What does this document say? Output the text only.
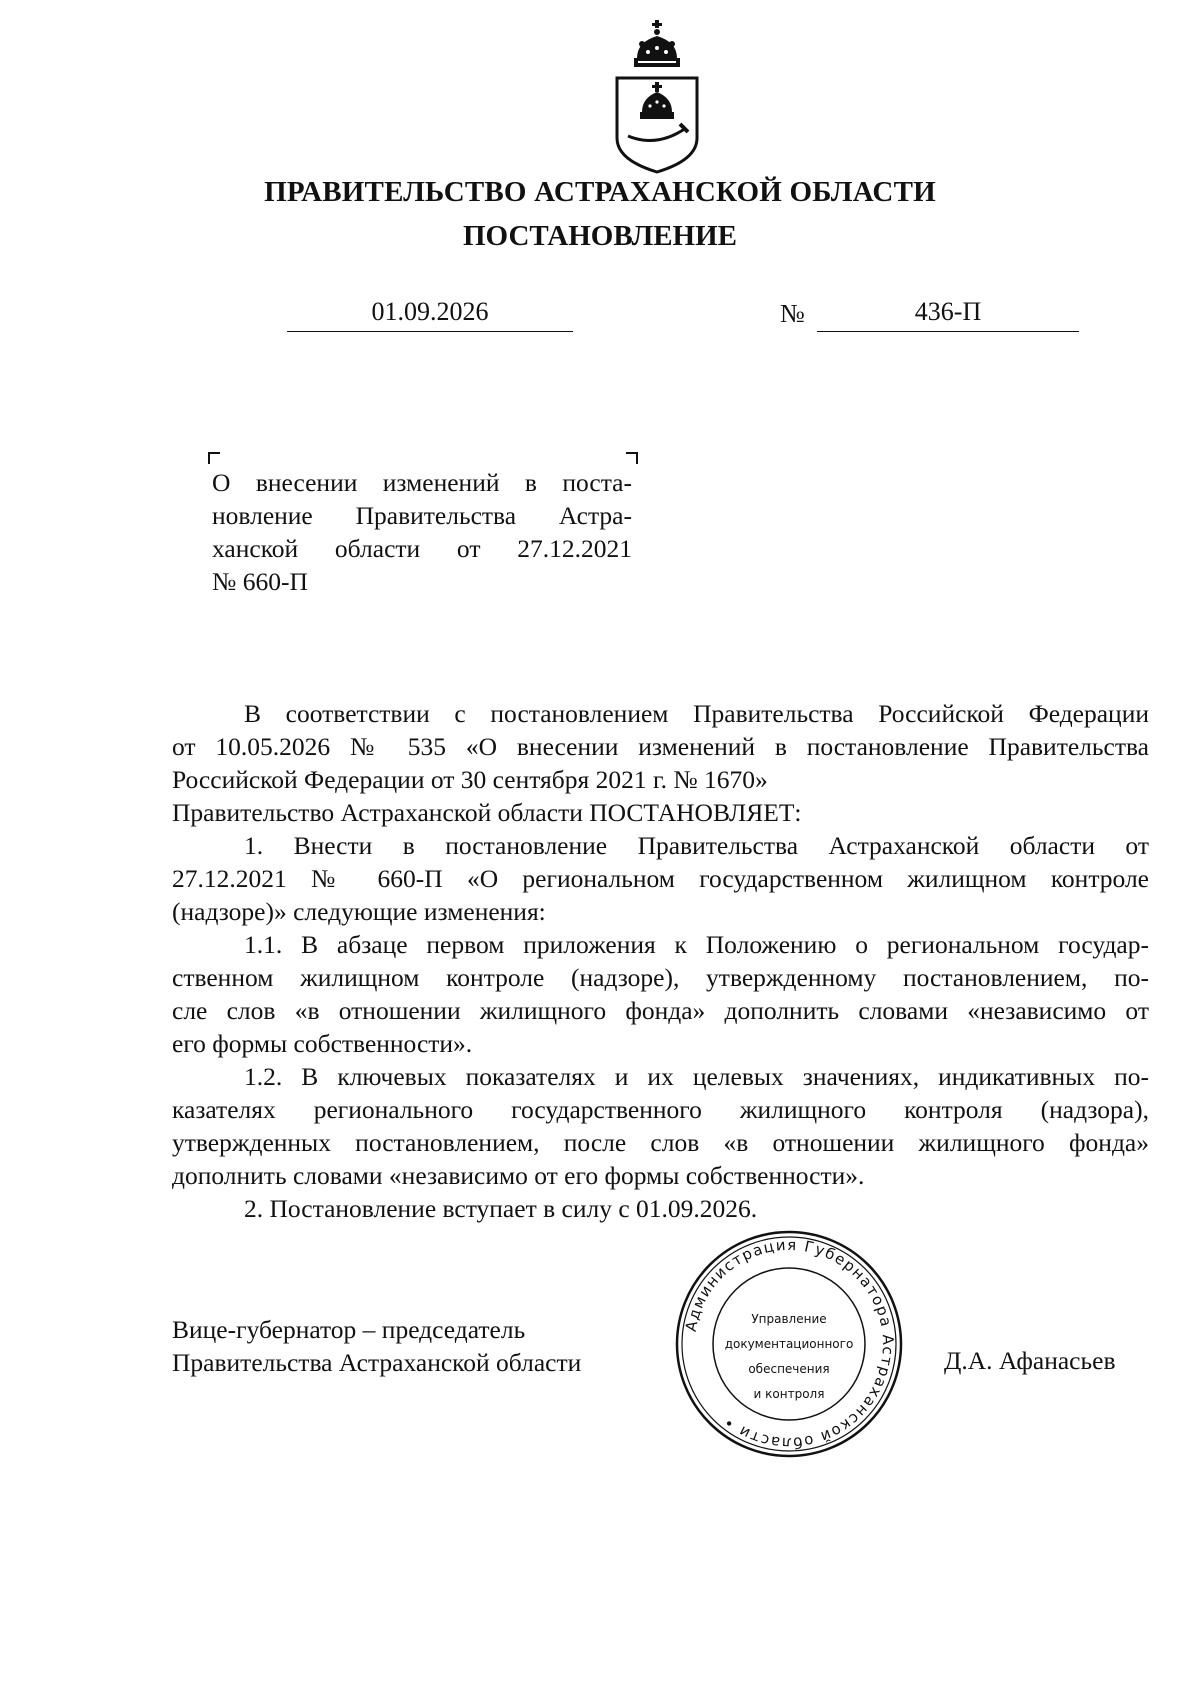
ПРАВИТЕЛЬСТВО АСТРАХАНСКОЙ ОБЛАСТИ
ПОСТАНОВЛЕНИЕ
01.09.2026	№	436-П
О внесении изменений в поста-
новление Правительства Астра-
ханской области от 27.12.2021
№ 660-П
В соответствии с постановлением Правительства Российской Федерации
от 10.05.2026 № 535 «О внесении изменений в постановление Правительства
Российской Федерации от 30 сентября 2021 г. № 1670»
Правительство Астраханской области ПОСТАНОВЛЯЕТ:
1. Внести в постановление Правительства Астраханской области от
27.12.2021 № 660-П «О региональном государственном жилищном контроле
(надзоре)» следующие изменения:
1.1. В абзаце первом приложения к Положению о региональном государ-
ственном жилищном контроле (надзоре), утвержденному постановлением, по-
сле слов «в отношении жилищного фонда» дополнить словами «независимо от
его формы собственности».
1.2. В ключевых показателях и их целевых значениях, индикативных по-
казателях регионального государственного жилищного контроля (надзора),
утвержденных постановлением, после слов «в отношении жилищного фонда»
дополнить словами «независимо от его формы собственности».
2. Постановление вступает в силу с 01.09.2026.
Вице-губернатор – председатель
Правительства Астраханской области
Администрация Губернатора Астраханской области •
Управление
документационного
обеспечения
и контроля
Д.А. Афанасьев
